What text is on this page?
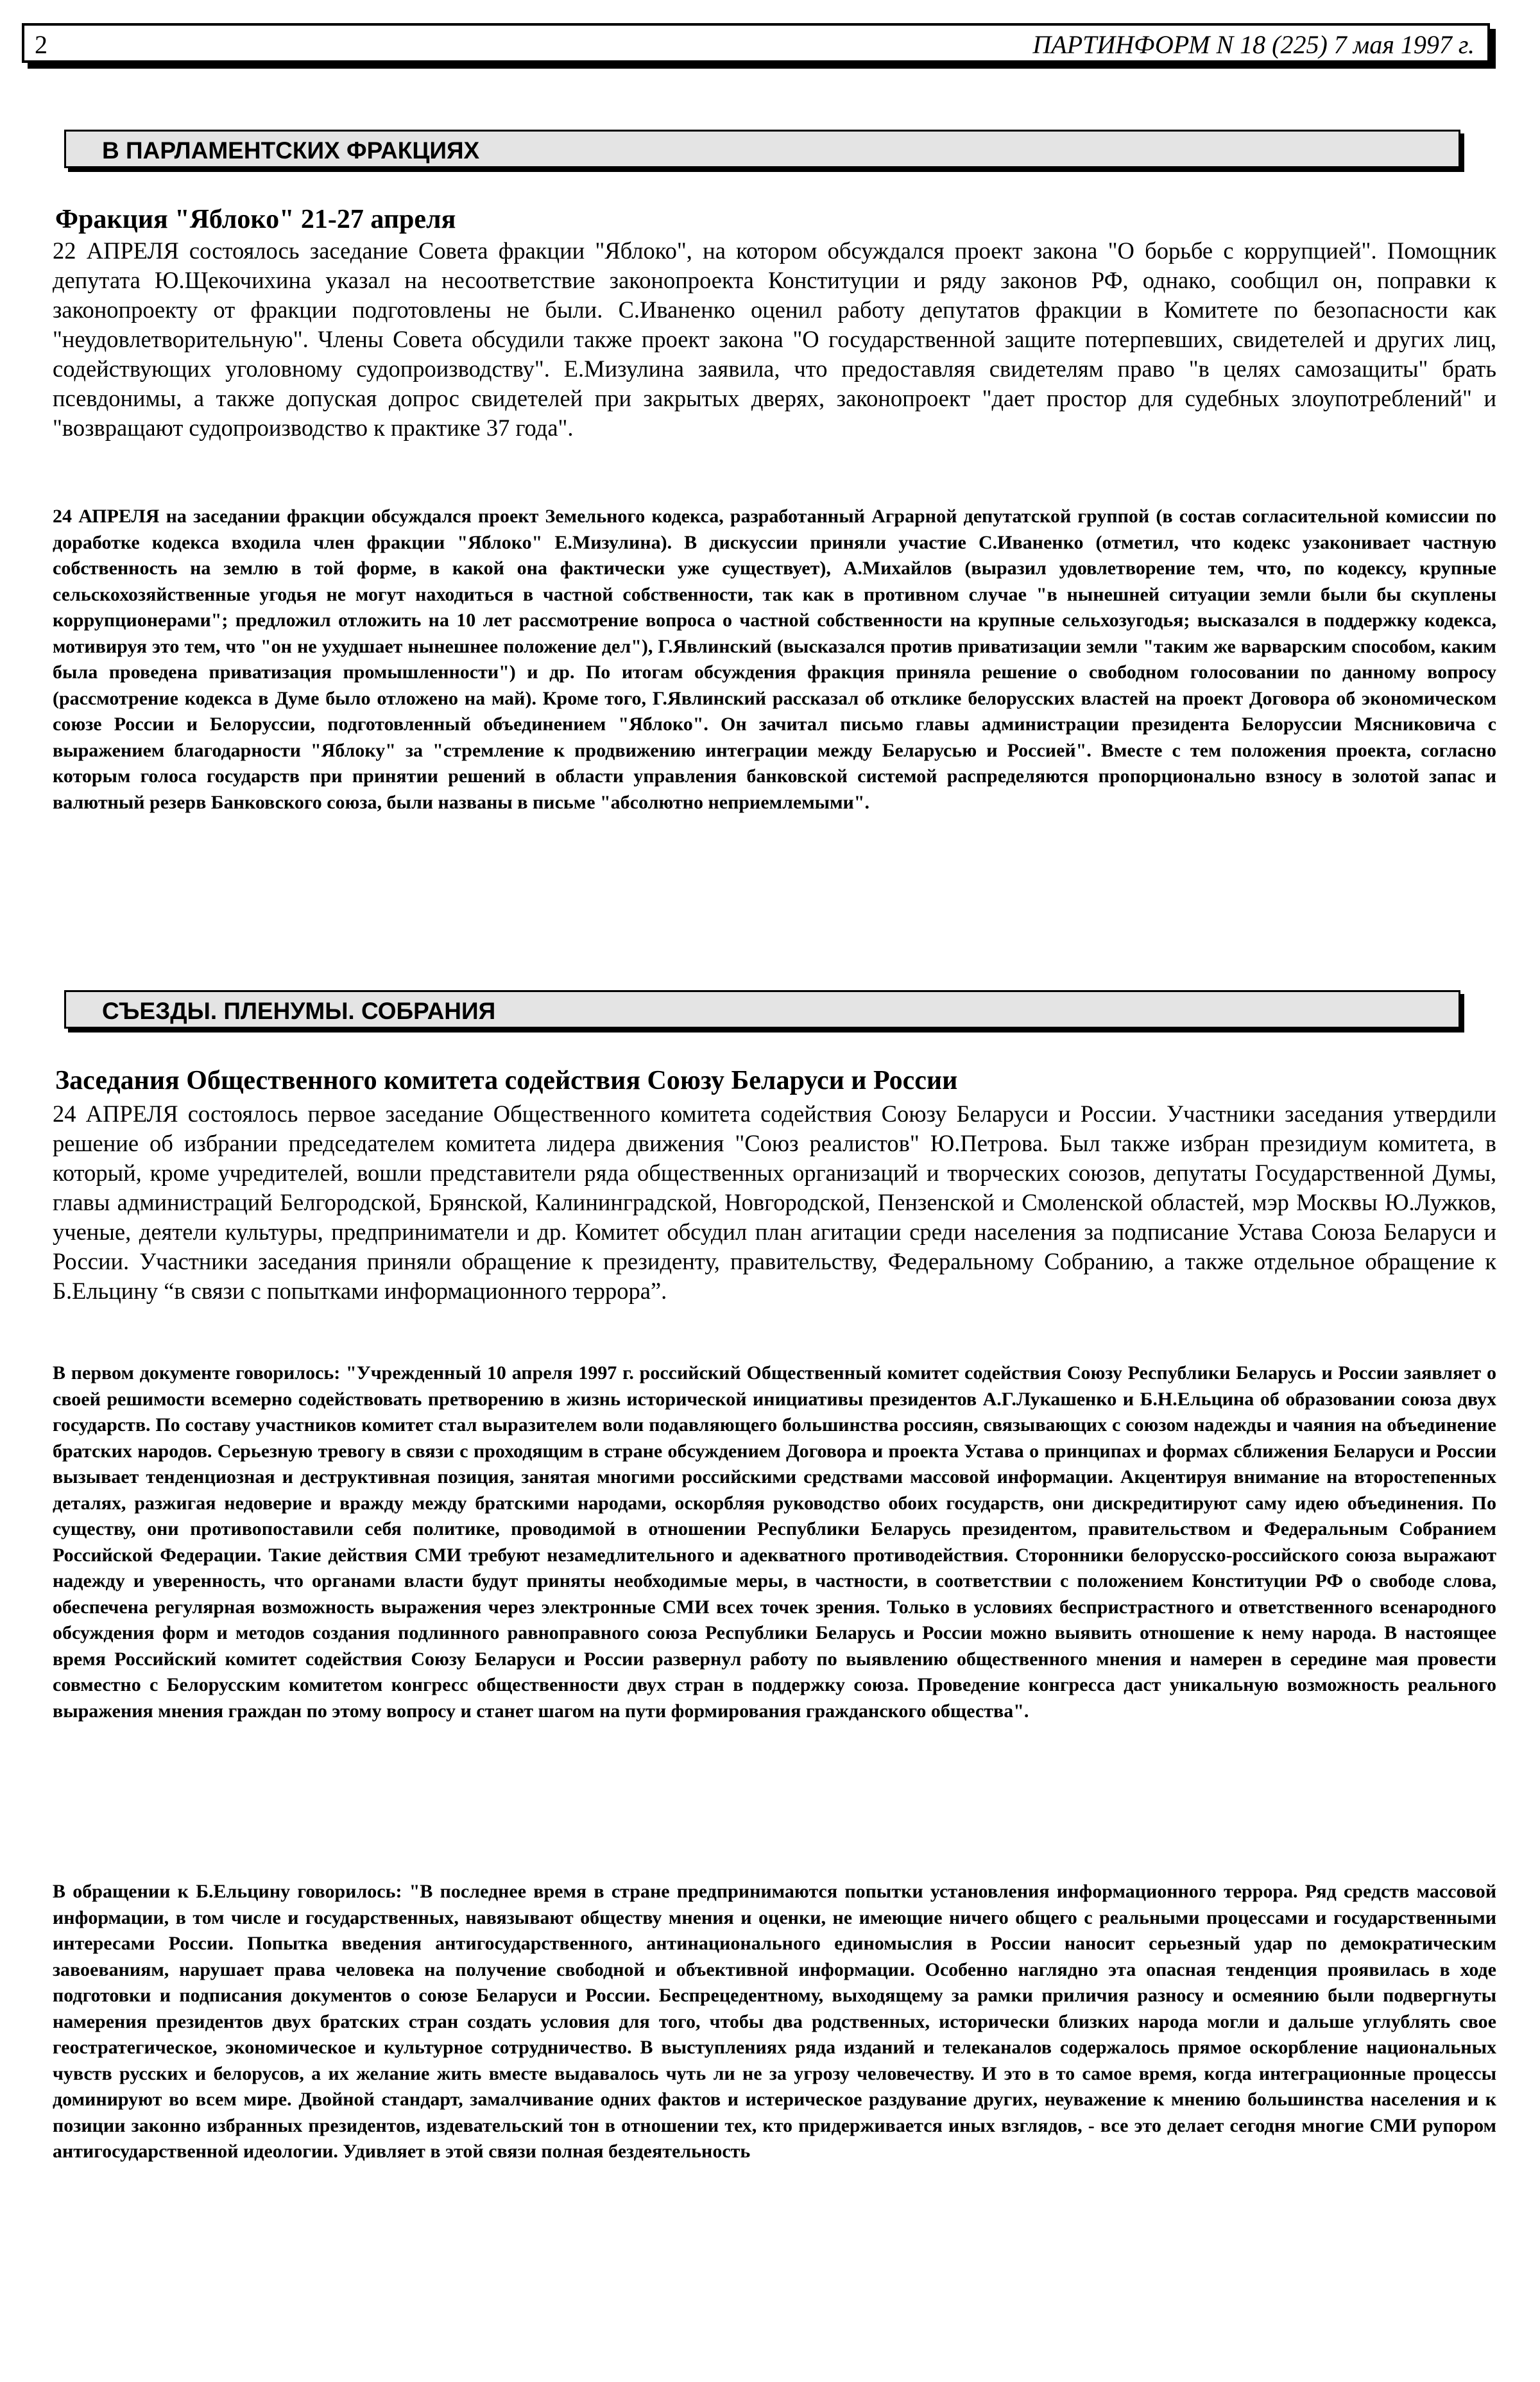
2	ПАРТИНФОРМ N 18 (225) 7 мая 1997 г.
В ПАРЛАМЕНТСКИХ ФРАКЦИЯХ
Фракция "Яблоко" 21-27 апреля

22 АПРЕЛЯ состоялось заседание Совета фракции "Яблоко", на котором обсуждался проект закона "О борьбе с коррупцией". Помощник депутата Ю.Щекочихина указал на несоответствие законопроекта Конституции и ряду законов РФ, однако, сообщил он, поправки к законопроекту от фракции подготовлены не были. С.Иваненко оценил работу депутатов фракции в Комитете по безопасности как "неудовлетворительную". Члены Совета обсудили также проект закона "О государственной защите потерпевших, свидетелей и других лиц, содействующих уголовному судопроизводству". Е.Мизулина заявила, что предоставляя свидетелям право "в целях самозащиты" брать псевдонимы, а также допуская допрос свидетелей при закрытых дверях, законопроект "дает простор для судебных злоупотреблений" и "возвращают судопроизводство к практике 37 года".

24 АПРЕЛЯ на заседании фракции обсуждался проект Земельного кодекса, разработанный Аграрной депутатской группой (в состав согласительной комиссии по доработке кодекса входила член фракции "Яблоко" Е.Мизулина). В дискуссии приняли участие С.Иваненко (отметил, что кодекс узаконивает частную собственность на землю в той форме, в какой она фактически уже существует), А.Михайлов (выразил удовлетворение тем, что, по кодексу, крупные сельскохозяйственные угодья не могут находиться в частной собственности, так как в противном случае "в нынешней ситуации земли были бы скуплены коррупционерами"; предложил отложить на 10 лет рассмотрение вопроса о частной собственности на крупные сельхозугодья; высказался в поддержку кодекса, мотивируя это тем, что "он не ухудшает нынешнее положение дел"), Г.Явлинский (высказался против приватизации земли "таким же варварским способом, каким была проведена приватизация промышленности") и др. По итогам обсуждения фракция приняла решение о свободном голосовании по данному вопросу (рассмотрение кодекса в Думе было отложено на май). Кроме того, Г.Явлинский рассказал об отклике белорусских властей на проект Договора об экономическом союзе России и Белоруссии, подготовленный объединением "Яблоко". Он зачитал письмо главы администрации президента Белоруссии Мясниковича с выражением благодарности "Яблоку" за "стремление к продвижению интеграции между Беларусью и Россией". Вместе с тем положения проекта, согласно которым голоса государств при принятии решений в области управления банковской системой распределяются пропорционально взносу в золотой запас и валютный резерв Банковского союза, были названы в письме "абсолютно неприемлемыми".

СЪЕЗДЫ. ПЛЕНУМЫ. СОБРАНИЯ
Заседания Общественного комитета содействия Союзу Беларуси и России

24 АПРЕЛЯ состоялось первое заседание Общественного комитета содействия Союзу Беларуси и России. Участники заседания утвердили решение об избрании председателем комитета лидера движения "Союз реалистов" Ю.Петрова. Был также избран президиум комитета, в который, кроме учредителей, вошли представители ряда общественных организаций и творческих союзов, депутаты Государственной Думы, главы администраций Белгородской, Брянской, Калининградской, Новгородской, Пензенской и Смоленской областей, мэр Москвы Ю.Лужков, ученые, деятели культуры, предприниматели и др. Комитет обсудил план агитации среди населения за подписание Устава Союза Беларуси и России. Участники заседания приняли обращение к президенту, правительству, Федеральному Собранию, а также отдельное обращение к Б.Ельцину “в связи с попытками информационного террора”.

В первом документе говорилось: "Учрежденный 10 апреля 1997 г. российский Общественный комитет содействия Союзу Республики Беларусь и России заявляет о своей решимости всемерно содействовать претворению в жизнь исторической инициативы президентов А.Г.Лукашенко и Б.Н.Ельцина об образовании союза двух государств. По составу участников комитет стал выразителем воли подавляющего большинства россиян, связывающих с союзом надежды и чаяния на объединение братских народов. Серьезную тревогу в связи с проходящим в стране обсуждением Договора и проекта Устава о принципах и формах сближения Беларуси и России вызывает тенденциозная и деструктивная позиция, занятая многими российскими средствами массовой информации. Акцентируя внимание на второстепенных деталях, разжигая недоверие и вражду между братскими народами, оскорбляя руководство обоих государств, они дискредитируют саму идею объединения. По существу, они противопоставили себя политике, проводимой в отношении Республики Беларусь президентом, правительством и Федеральным Собранием Российской Федерации. Такие действия СМИ требуют незамедлительного и адекватного противодействия. Сторонники белорусско-российского союза выражают надежду и уверенность, что органами власти будут приняты необходимые меры, в частности, в соответствии с положением Конституции РФ о свободе слова, обеспечена регулярная возможность выражения через электронные СМИ всех точек зрения. Только в условиях беспристрастного и ответственного всенародного обсуждения форм и методов создания подлинного равноправного союза Республики Беларусь и России можно выявить отношение к нему народа. В настоящее время Российский комитет содействия Союзу Беларуси и России развернул работу по выявлению общественного мнения и намерен в середине мая провести совместно с Белорусским комитетом конгресс общественности двух стран в поддержку союза. Проведение конгресса даст уникальную возможность реального выражения мнения граждан по этому вопросу и станет шагом на пути формирования гражданского общества".

В обращении к Б.Ельцину говорилось: "В последнее время в стране предпринимаются попытки установления информационного террора. Ряд средств массовой информации, в том числе и государственных, навязывают обществу мнения и оценки, не имеющие ничего общего с реальными процессами и государственными интересами России. Попытка введения антигосударственного, антинационального единомыслия в России наносит серьезный удар по демократическим завоеваниям, нарушает права человека на получение свободной и объективной информации. Особенно наглядно эта опасная тенденция проявилась в ходе подготовки и подписания документов о союзе Беларуси и России. Беспрецедентному, выходящему за рамки приличия разносу и осмеянию были подвергнуты намерения президентов двух братских стран создать условия для того, чтобы два родственных, исторически близких народа могли и дальше углублять свое геостратегическое, экономическое и культурное сотрудничество. В выступлениях ряда изданий и телеканалов содержалось прямое оскорбление национальных чувств русских и белорусов, а их желание жить вместе выдавалось чуть ли не за угрозу человечеству. И это в то самое время, когда интеграционные процессы доминируют во всем мире. Двойной стандарт, замалчивание одних фактов и истерическое раздувание других, неуважение к мнению большинства населения и к позиции законно избранных президентов, издевательский тон в отношении тех, кто придерживается иных взглядов, - все это делает сегодня многие СМИ рупором антигосударственной идеологии. Удивляет в этой связи полная бездеятельность
